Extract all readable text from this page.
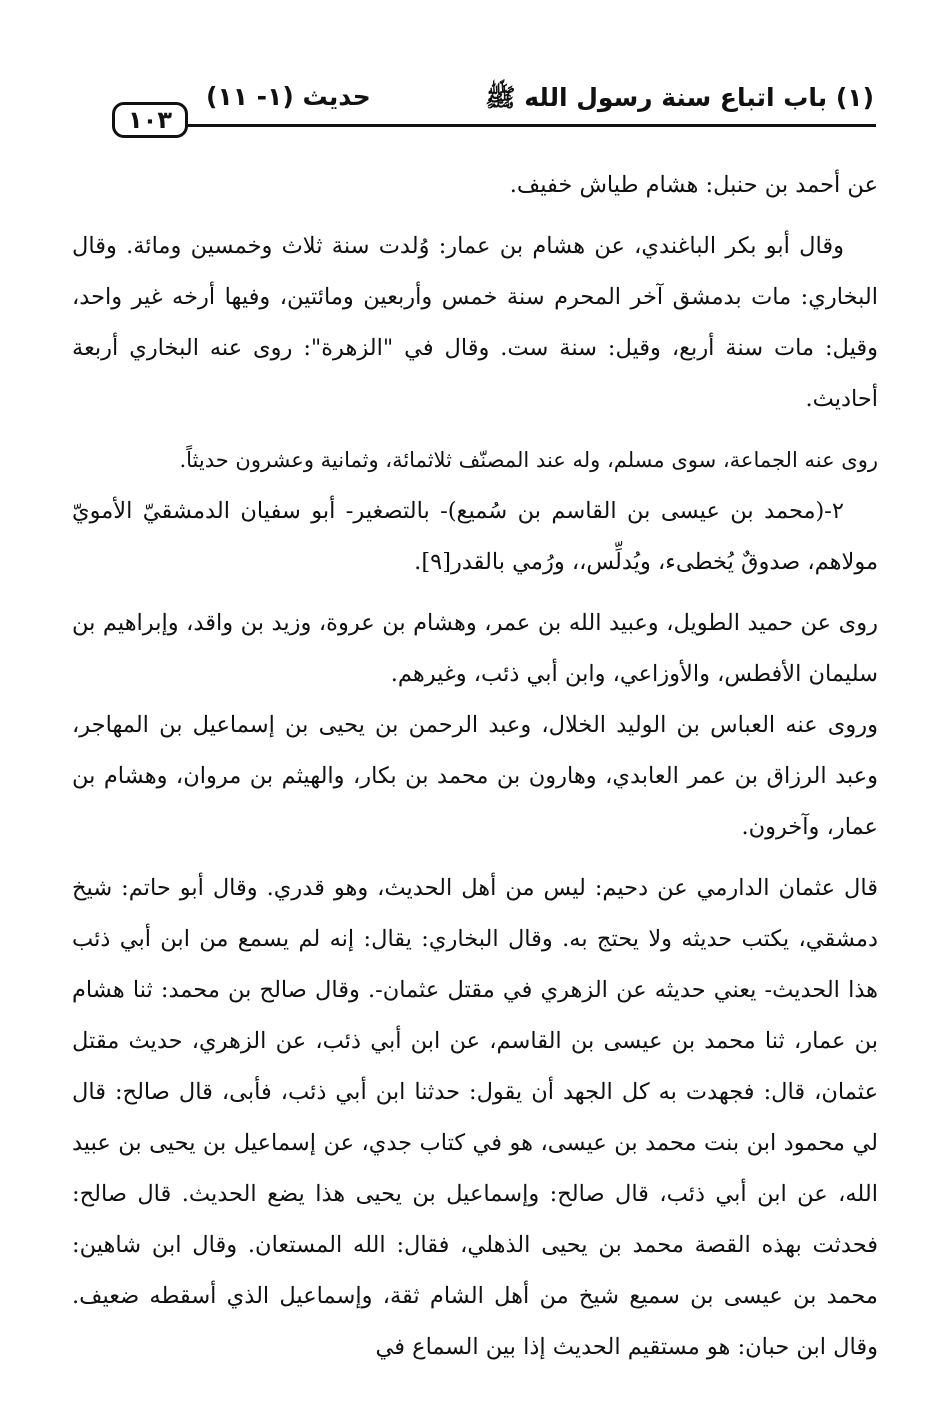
(١) باب اتباع سنة رسول الله ﷺ
حديث (١- ١١)
١٠٣

عن أحمد بن حنبل: هشام طياش خفيف.

وقال أبو بكر الباغندي، عن هشام بن عمار: وُلدت سنة ثلاث وخمسين ومائة. وقال البخاري: مات بدمشق آخر المحرم سنة خمس وأربعين ومائتين، وفيها أرخه غير واحد، وقيل: مات سنة أربع، وقيل: سنة ست. وقال في "الزهرة": روى عنه البخاري أربعة أحاديث.

روى عنه الجماعة، سوى مسلم، وله عند المصنّف ثلاثمائة، وثمانية وعشرون حديثاً.

٢-(محمد بن عيسى بن القاسم بن سُميع)- بالتصغير- أبو سفيان الدمشقيّ الأمويّ مولاهم، صدوقٌ يُخطىء، ويُدلِّس،، ورُمي بالقدر[٩].

روى عن حميد الطويل، وعبيد الله بن عمر، وهشام بن عروة، وزيد بن واقد، وإبراهيم بن سليمان الأفطس، والأوزاعي، وابن أبي ذئب، وغيرهم.

وروى عنه العباس بن الوليد الخلال، وعبد الرحمن بن يحيى بن إسماعيل بن المهاجر، وعبد الرزاق بن عمر العابدي، وهارون بن محمد بن بكار، والهيثم بن مروان، وهشام بن عمار، وآخرون.

قال عثمان الدارمي عن دحيم: ليس من أهل الحديث، وهو قدري. وقال أبو حاتم: شيخ دمشقي، يكتب حديثه ولا يحتج به. وقال البخاري: يقال: إنه لم يسمع من ابن أبي ذئب هذا الحديث- يعني حديثه عن الزهري في مقتل عثمان-. وقال صالح بن محمد: ثنا هشام بن عمار، ثنا محمد بن عيسى بن القاسم، عن ابن أبي ذئب، عن الزهري، حديث مقتل عثمان، قال: فجهدت به كل الجهد أن يقول: حدثنا ابن أبي ذئب، فأبى، قال صالح: قال لي محمود ابن بنت محمد بن عيسى، هو في كتاب جدي، عن إسماعيل بن يحيى بن عبيد الله، عن ابن أبي ذئب، قال صالح: وإسماعيل بن يحيى هذا يضع الحديث. قال صالح: فحدثت بهذه القصة محمد بن يحيى الذهلي، فقال: الله المستعان. وقال ابن شاهين: محمد بن عيسى بن سميع شيخ من أهل الشام ثقة، وإسماعيل الذي أسقطه ضعيف. وقال ابن حبان: هو مستقيم الحديث إذا بين السماع في
